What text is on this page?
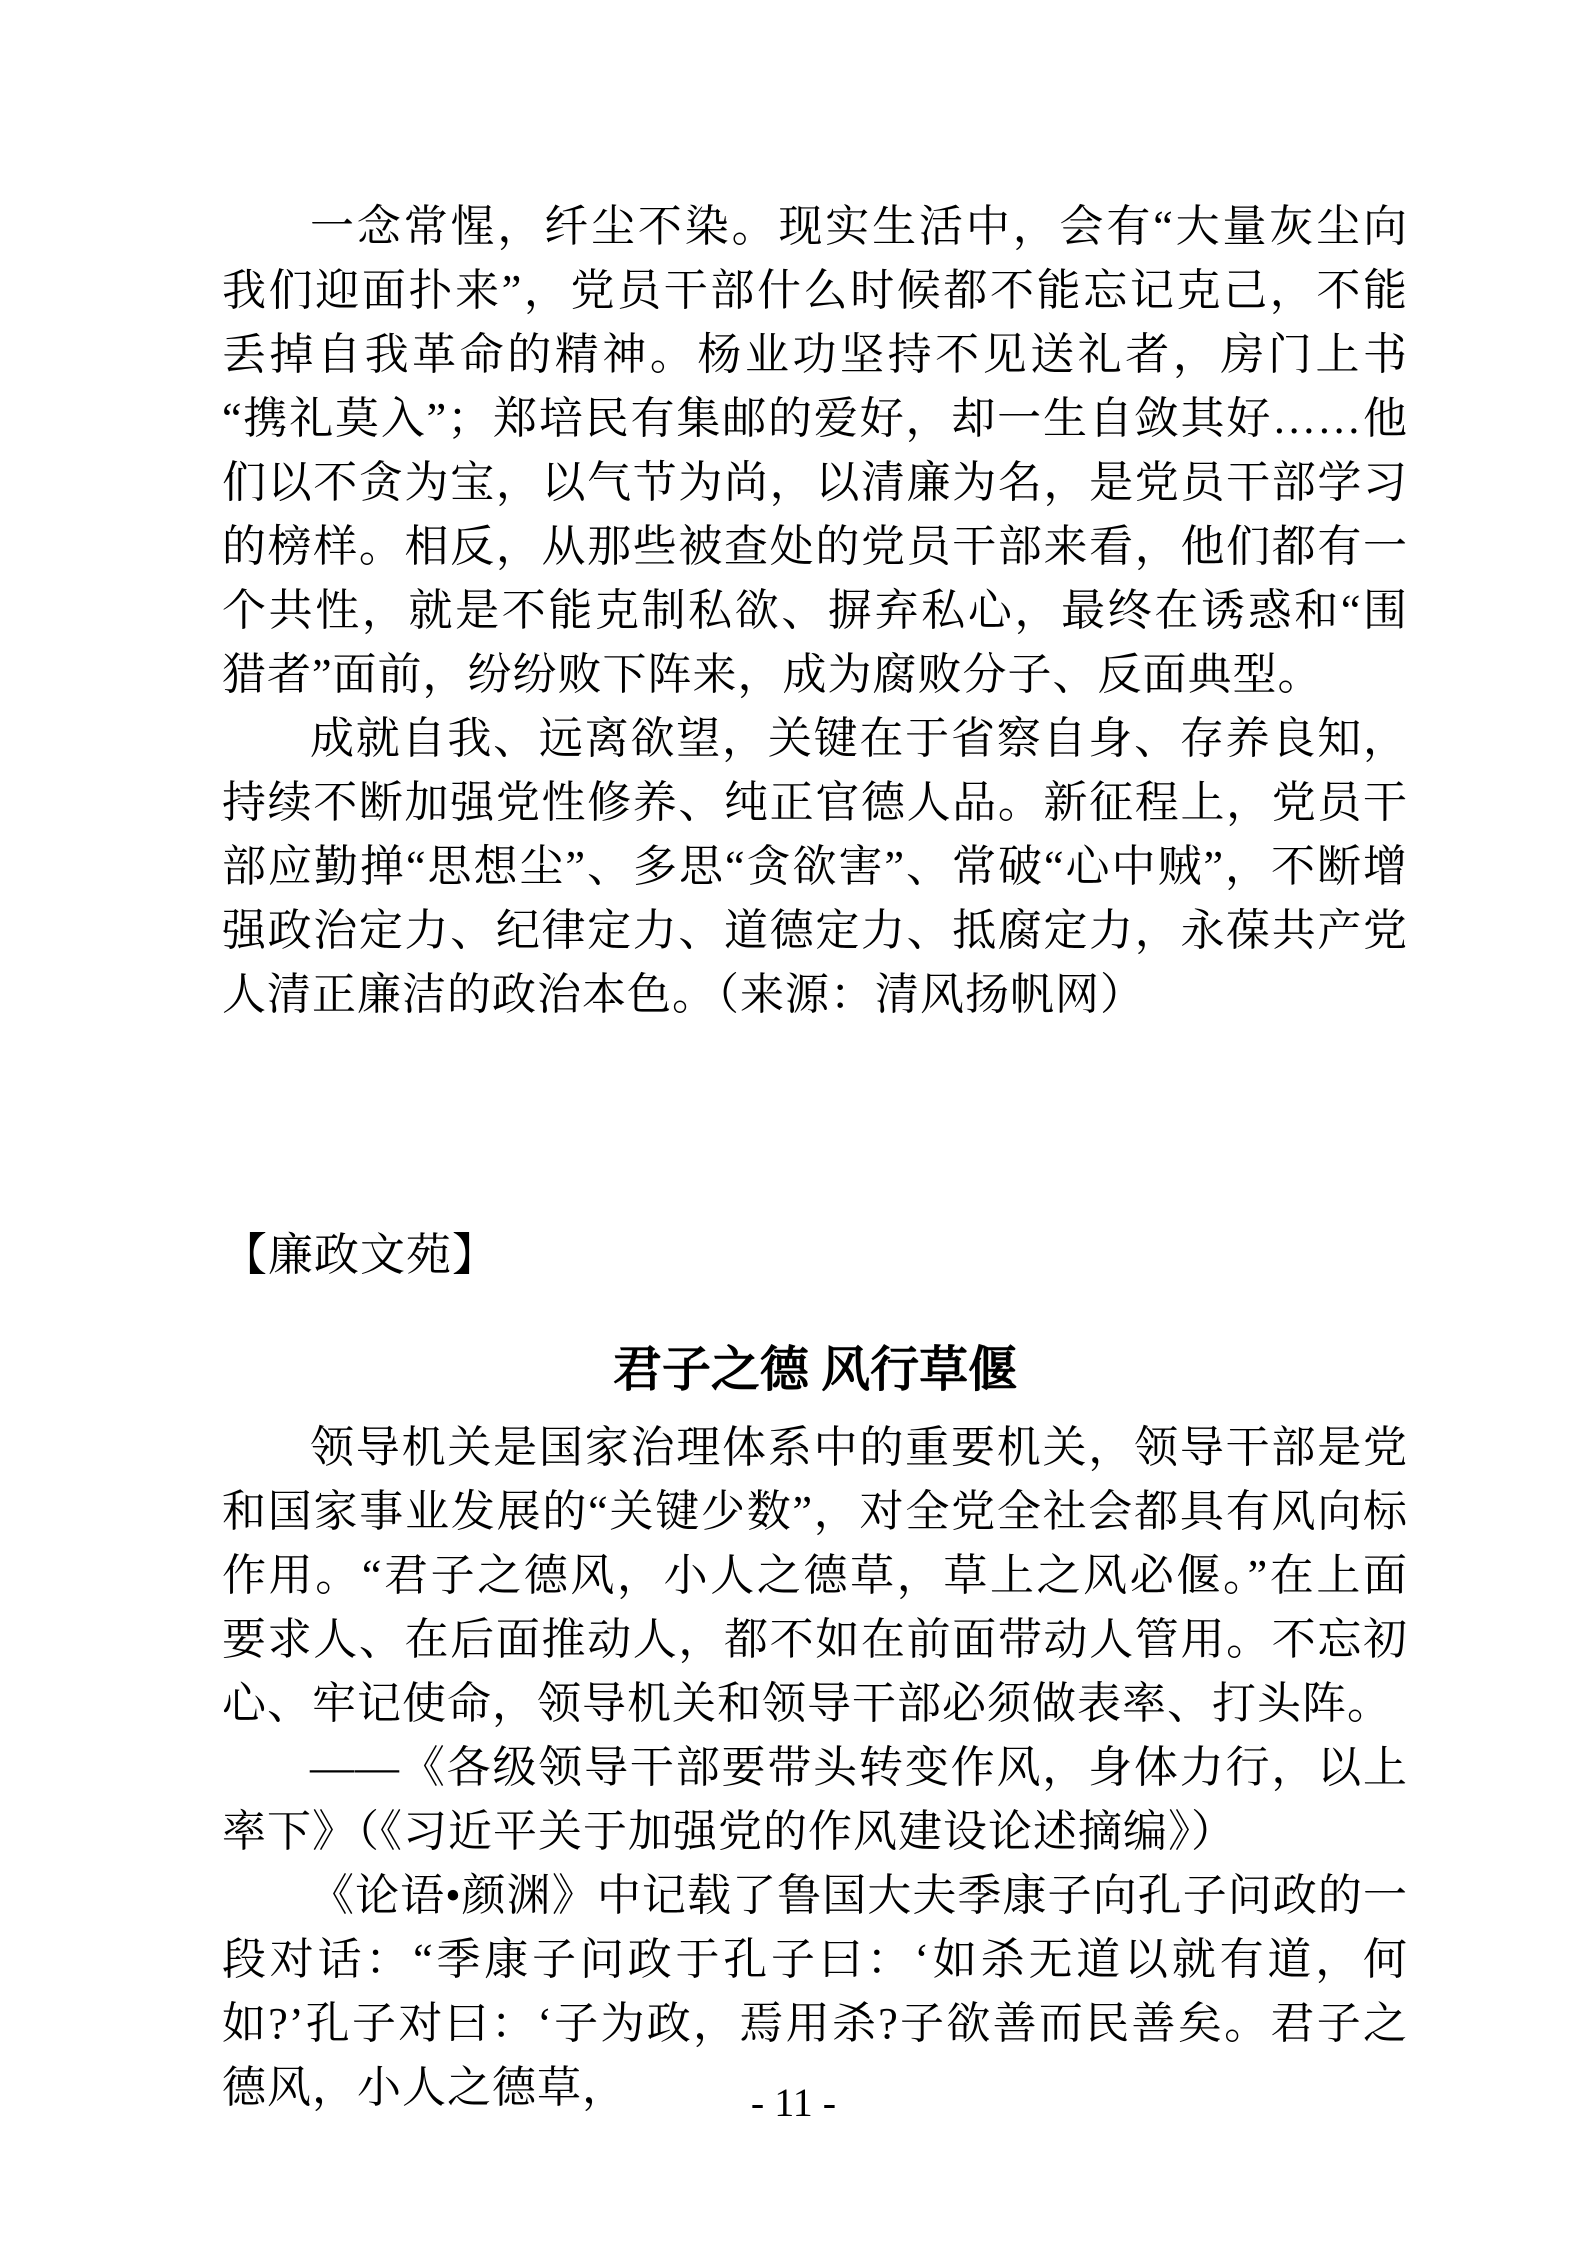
一念常惺，纤尘不染。现实生活中，会有“大量灰尘向我们迎面扑来”，党员干部什么时候都不能忘记克己，不能丢掉自我革命的精神。杨业功坚持不见送礼者，房门上书“携礼莫入”；郑培民有集邮的爱好，却一生自敛其好……他们以不贪为宝，以气节为尚，以清廉为名，是党员干部学习的榜样。相反，从那些被查处的党员干部来看，他们都有一个共性，就是不能克制私欲、摒弃私心，最终在诱惑和“围猎者”面前，纷纷败下阵来，成为腐败分子、反面典型。

成就自我、远离欲望，关键在于省察自身、存养良知，持续不断加强党性修养、纯正官德人品。新征程上，党员干部应勤掸“思想尘”、多思“贪欲害”、常破“心中贼”，不断增强政治定力、纪律定力、道德定力、抵腐定力，永葆共产党人清正廉洁的政治本色。（来源：清风扬帆网）

【廉政文苑】

君子之德 风行草偃

领导机关是国家治理体系中的重要机关，领导干部是党和国家事业发展的“关键少数”，对全党全社会都具有风向标作用。“君子之德风，小人之德草，草上之风必偃。”在上面要求人、在后面推动人，都不如在前面带动人管用。不忘初心、牢记使命，领导机关和领导干部必须做表率、打头阵。

——《各级领导干部要带头转变作风，身体力行，以上率下》（《习近平关于加强党的作风建设论述摘编》）

《论语•颜渊》中记载了鲁国大夫季康子向孔子问政的一段对话：“季康子问政于孔子曰：‘如杀无道以就有道，何如?’孔子对曰：‘子为政，焉用杀?子欲善而民善矣。君子之德风，小人之德草，	- 11 -
